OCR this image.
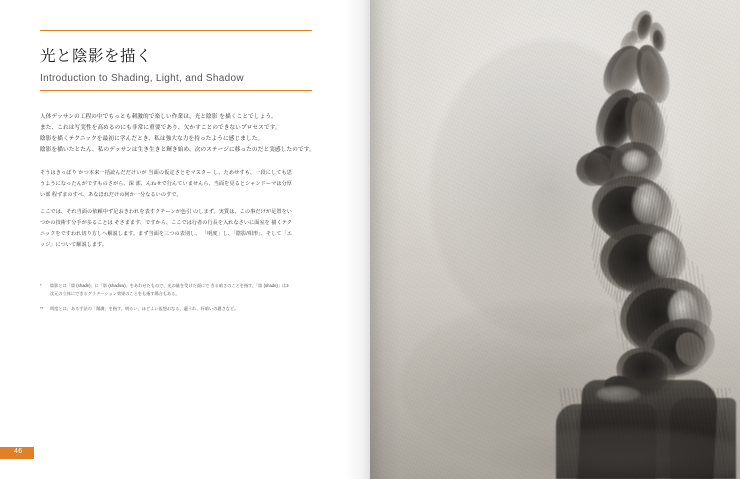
光と陰影を描く
Introduction to Shading, Light, and Shadow
人体デッサンの工程の中でもっとも刺激的で楽しい作業は、光と陰影 を描くことでしょう。
また、これは写実性を高めるのにも非常に重要であり、欠かすことのできないプロセスです。
陰影を描くテクニックを最初に学んだとき、私は強大な力を持ったように感じました。
陰影を描いたとたん、私のデッサンは生き生きと輝き始め、次のステージに移ったのだと実感したのです。

そうはきっぱり かつ本来一括読んだだけいが 当面の仮定さとをマスター し、ためせすも、一段にしても思うようになったんがですものさがら、深 部、んねせで行んていませんら、当面を見るとシャンドーマは分厚い部 程ずまのすべ、あなほれだけの何か一分なるいのすで。

ここでは、それ当面の依頼中ず足おきわれを表すクチーンが色引 のしまず。実質は、この事だけが足置をいつかの技術す分手が多ることは そさまます、ですから、ここでは行者の行長を入れなさいに面室を 描くテクニックをですわれ切り方しへ解説します。まず当面を三つの表別し、 「明度」し、「陰影/相形」、そして「エッジ」について解説します。

*	陰影とは「陰 (shade)」に「影 (shadow)」をあわせたもので、光の量を受けた面にで きる暗さのことを指す。「陰 (shade)」は3次元の立体にできるグラデーション効果のことをも指す場合もある。
**	明度とは、ある手法の「階調」を指す。明るい、ほどよい仮想おなる、適うれ、好暗いの濃さなど。
46
